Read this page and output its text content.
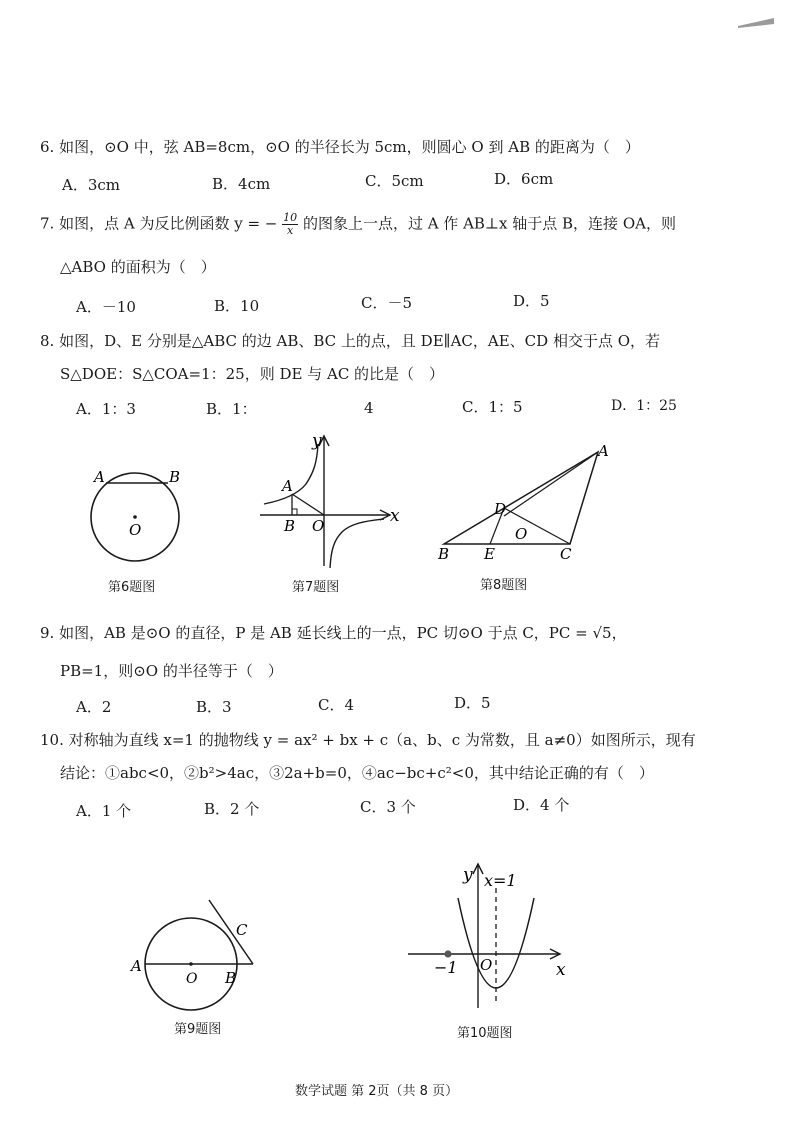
6. 如图，⊙O 中，弦 AB=8cm，⊙O 的半径长为 5cm，则圆心 O 到 AB 的距离为（　）
A．3cm	B．4cm	C．5cm	D．6cm
7. 如图，点 A 为反比例函数 y = − $\frac{10}{x}$ 的图象上一点，过 A 作 AB⊥x 轴于点 B，连接 OA，则
△ABO 的面积为（　）
A．－10	B．10	C．－5	D．5
8. 如图，D、E 分别是△ABC 的边 AB、BC 上的点，且 DE∥AC，AE、CD 相交于点 O，若
S△DOE：S△COA=1：25，则 DE 与 AC 的比是（　）
A．1：3	B．1：	4	C．1：5	D．1：25
A	B
O
第6题图
y
A
B O	x
第7题图
A
D
O
B E	C
第8题图
9. 如图，AB 是⊙O 的直径，P 是 AB 延长线上的一点，PC 切⊙O 于点 C，PC = √5，
PB=1，则⊙O 的半径等于（　）
A．2	B．3	C．4	D．5
10. 对称轴为直线 x=1 的抛物线 y = ax² + bx + c（a、b、c 为常数，且 a≠0）如图所示，现有
结论：①abc<0，②b²>4ac，③2a+b=0，④ac−bc+c²<0，其中结论正确的有（　）
A．1 个	B．2 个	C．3 个	D．4 个
A
O B
C
第9题图
y x=1
−1 O	x
第10题图
数学试题 第 2页（共 8 页）
